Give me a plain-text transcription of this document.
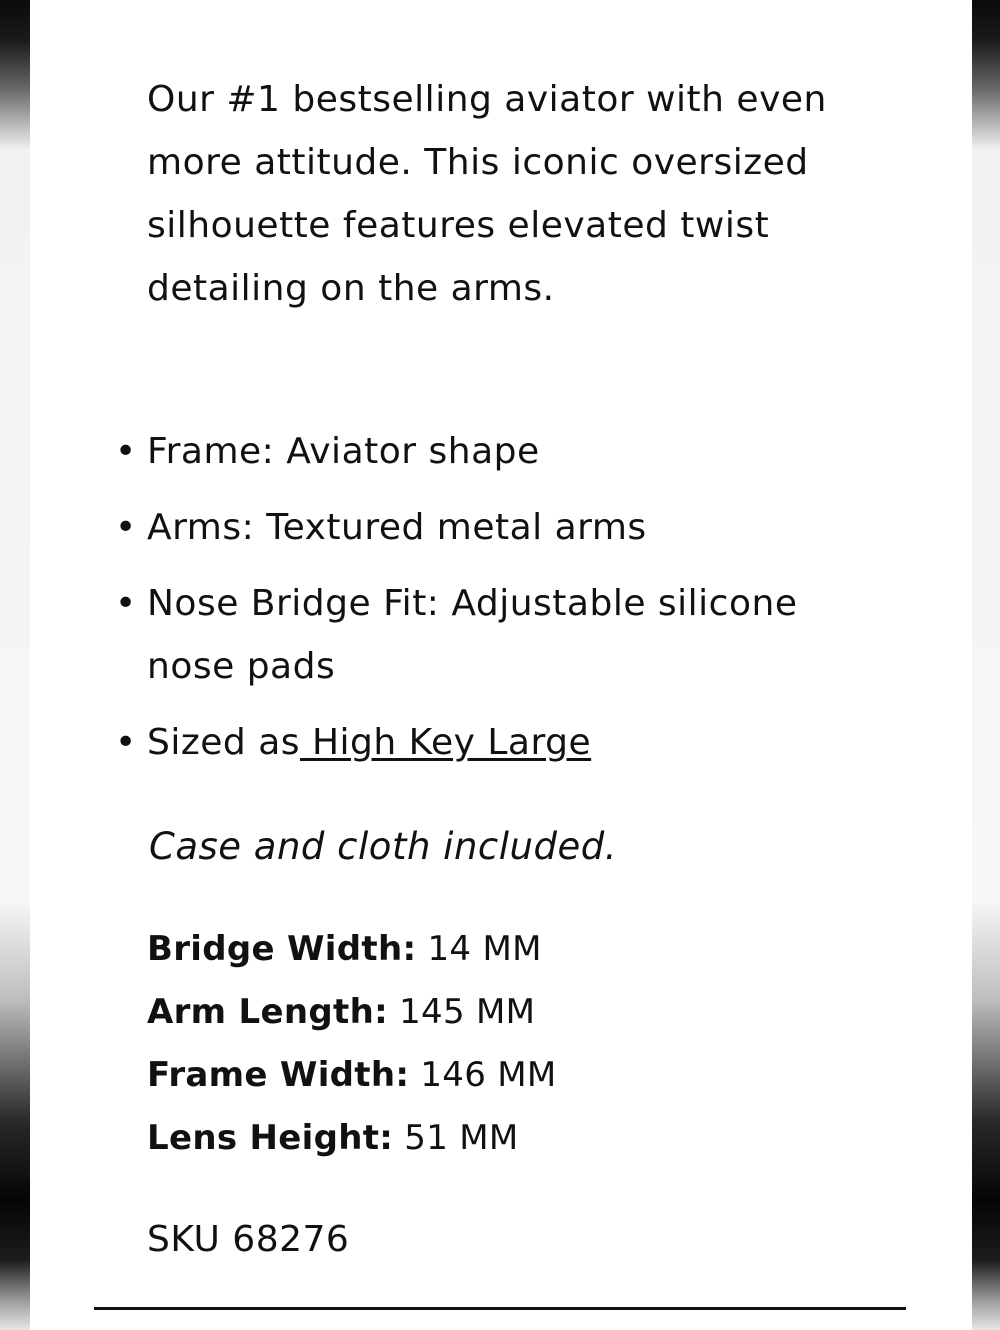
Our #1 bestselling aviator with even more attitude. This iconic oversized silhouette features elevated twist detailing on the arms.

• Frame: Aviator shape
• Arms: Textured metal arms
• Nose Bridge Fit: Adjustable silicone nose pads
• Sized as High Key Large

Case and cloth included.

Bridge Width: 14 MM
Arm Length: 145 MM
Frame Width: 146 MM
Lens Height: 51 MM
SKU 68276
